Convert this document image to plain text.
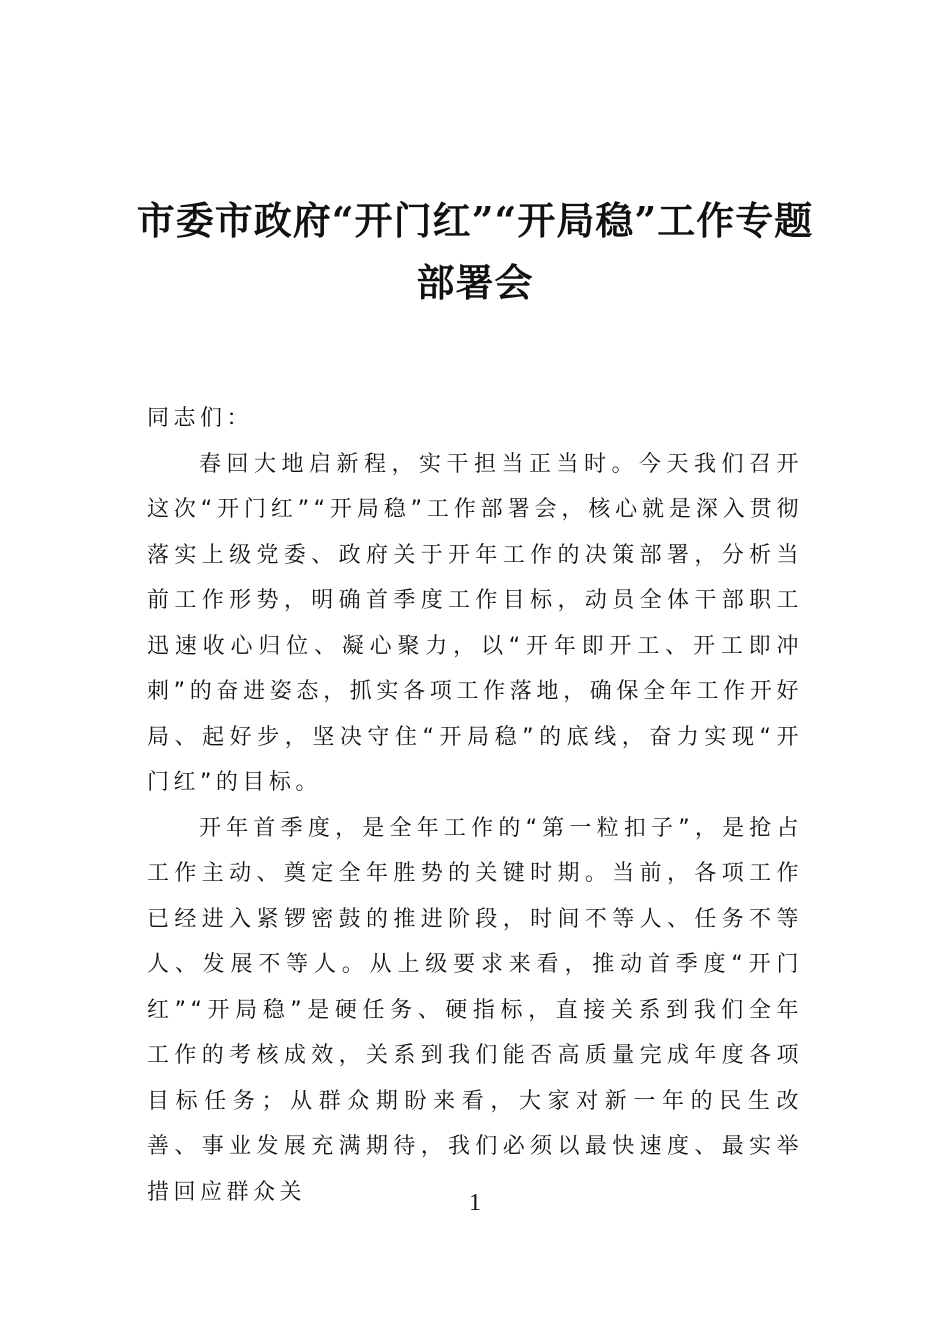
市委市政府“开门红”“开局稳”工作专题部署会

同志们：

春回大地启新程，实干担当正当时。今天我们召开这次“开门红”“开局稳”工作部署会，核心就是深入贯彻落实上级党委、政府关于开年工作的决策部署，分析当前工作形势，明确首季度工作目标，动员全体干部职工迅速收心归位、凝心聚力，以“开年即开工、开工即冲刺”的奋进姿态，抓实各项工作落地，确保全年工作开好局、起好步，坚决守住“开局稳”的底线，奋力实现“开门红”的目标。

开年首季度，是全年工作的“第一粒扣子”，是抢占工作主动、奠定全年胜势的关键时期。当前，各项工作已经进入紧锣密鼓的推进阶段，时间不等人、任务不等人、发展不等人。从上级要求来看，推动首季度“开门红”“开局稳”是硬任务、硬指标，直接关系到我们全年工作的考核成效，关系到我们能否高质量完成年度各项目标任务；从群众期盼来看，大家对新一年的民生改善、事业发展充满期待，我们必须以最快速度、最实举措回应群众关	1
